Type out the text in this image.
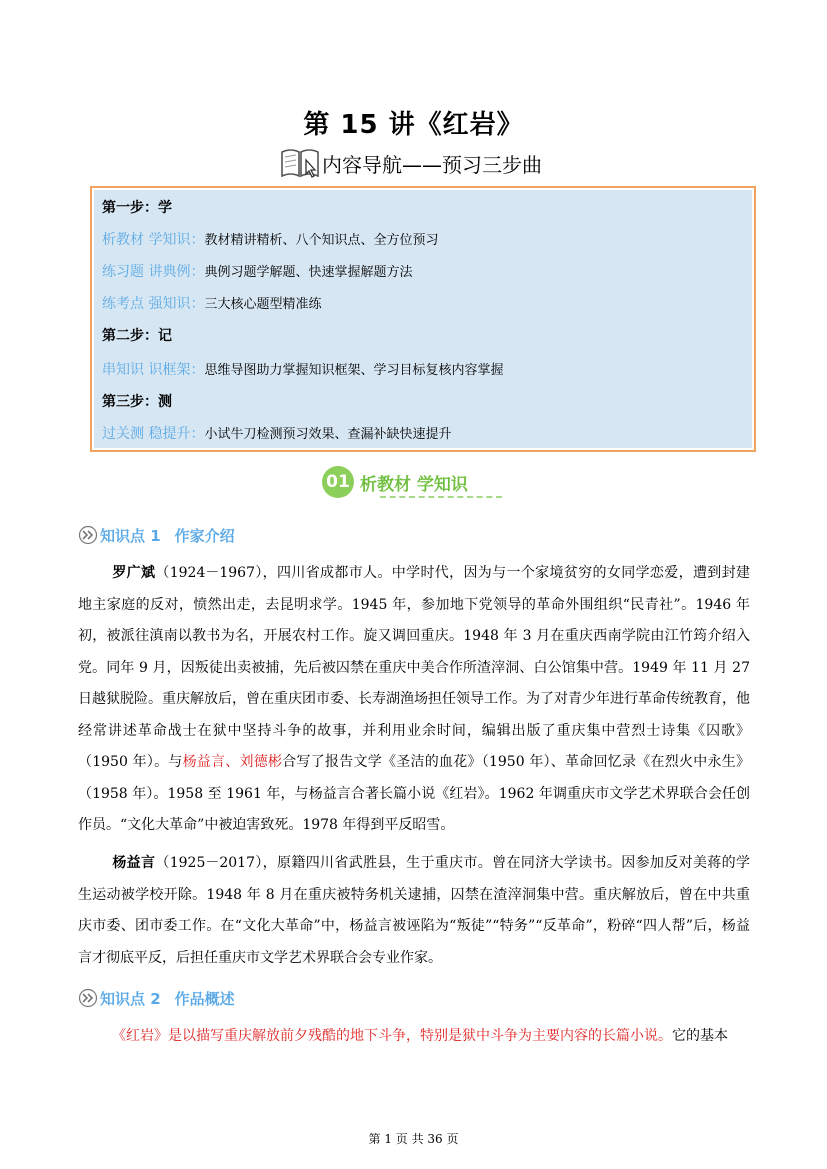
第 15 讲《红岩》
内容导航——预习三步曲
第一步：学
析教材 学知识：教材精讲精析、八个知识点、全方位预习
练习题 讲典例：典例习题学解题、快速掌握解题方法
练考点 强知识：三大核心题型精准练
第二步：记
串知识 识框架：思维导图助力掌握知识框架、学习目标复核内容掌握
第三步：测
过关测 稳提升：小试牛刀检测预习效果、查漏补缺快速提升
01 析教材 学知识
知识点 1 作家介绍
罗广斌（1924－1967），四川省成都市人。中学时代，因为与一个家境贫穷的女同学恋爱，遭到封建地主家庭的反对，愤然出走，去昆明求学。1945 年，参加地下党领导的革命外围组织“民青社”。1946 年初，被派往滇南以教书为名，开展农村工作。旋又调回重庆。1948 年 3 月在重庆西南学院由江竹筠介绍入党。同年 9 月，因叛徒出卖被捕，先后被囚禁在重庆中美合作所渣滓洞、白公馆集中营。1949 年 11 月 27 日越狱脱险。重庆解放后，曾在重庆团市委、长寿湖渔场担任领导工作。为了对青少年进行革命传统教育，他经常讲述革命战士在狱中坚持斗争的故事，并利用业余时间，编辑出版了重庆集中营烈士诗集《囚歌》（1950 年）。与杨益言、刘德彬合写了报告文学《圣洁的血花》（1950 年）、革命回忆录《在烈火中永生》（1958 年）。1958 至 1961 年，与杨益言合著长篇小说《红岩》。1962 年调重庆市文学艺术界联合会任创作员。“文化大革命”中被迫害致死。1978 年得到平反昭雪。
杨益言（1925－2017），原籍四川省武胜县，生于重庆市。曾在同济大学读书。因参加反对美蒋的学生运动被学校开除。1948 年 8 月在重庆被特务机关逮捕，囚禁在渣滓洞集中营。重庆解放后，曾在中共重庆市委、团市委工作。在“文化大革命”中，杨益言被诬陷为“叛徒”“特务”“反革命”，粉碎“四人帮”后，杨益言才彻底平反，后担任重庆市文学艺术界联合会专业作家。
知识点 2 作品概述
《红岩》是以描写重庆解放前夕残酷的地下斗争，特别是狱中斗争为主要内容的长篇小说。它的基本
第 1 页 共 36 页
